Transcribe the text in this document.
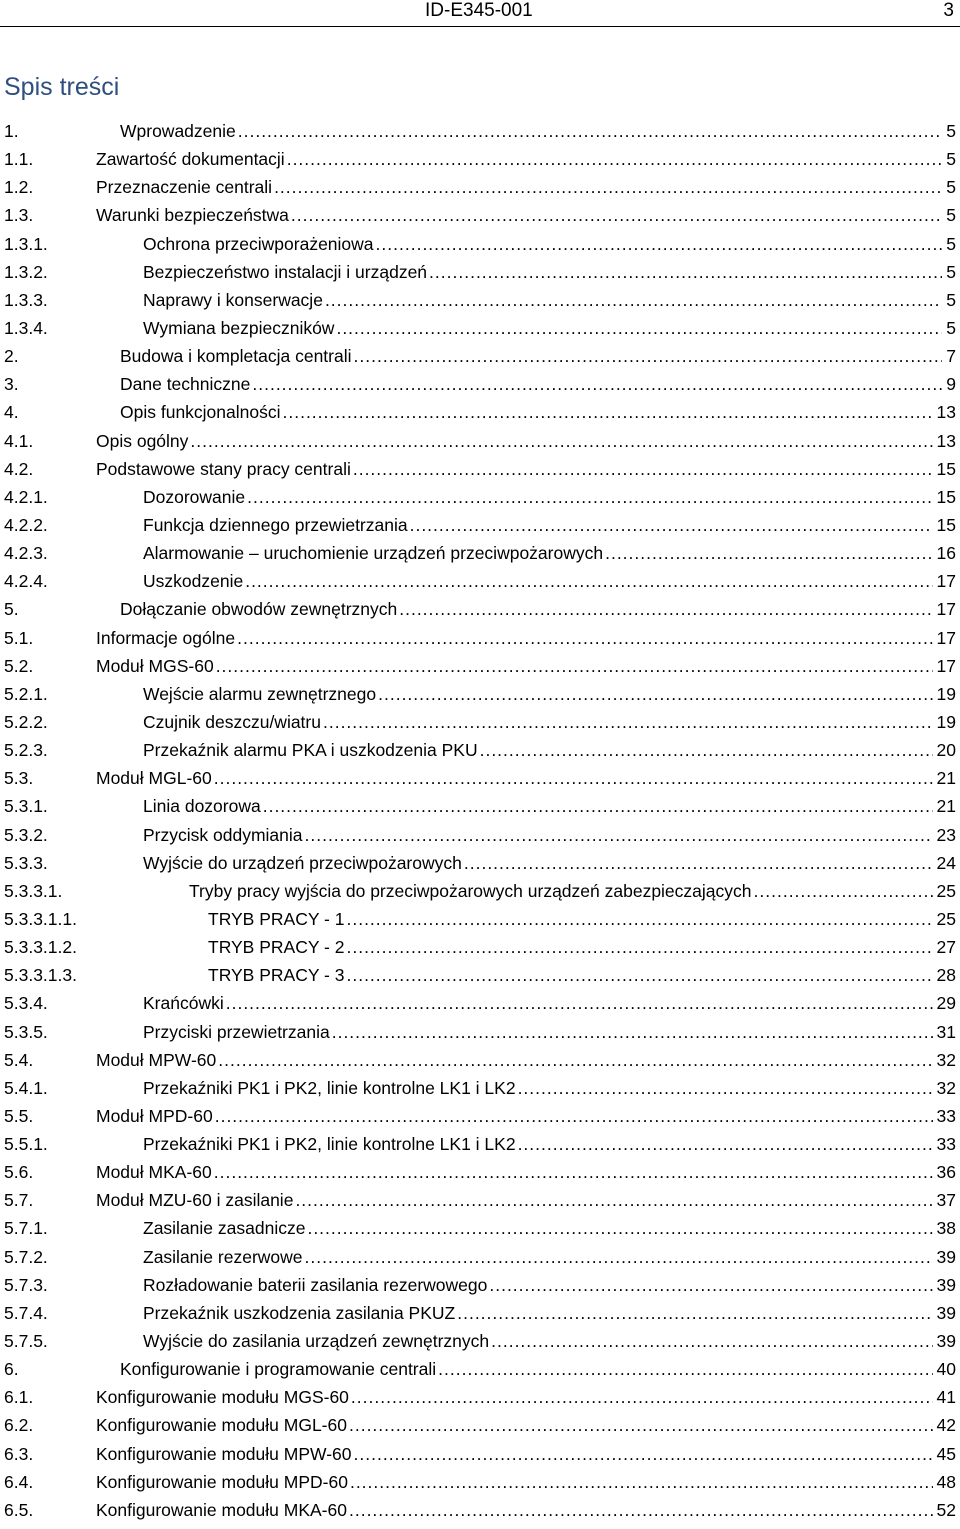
ID-E345-001	3
Spis treści
1.	Wprowadzenie .....	5
1.1.	Zawartość dokumentacji .....	5
1.2.	Przeznaczenie centrali .....	5
1.3.	Warunki bezpieczeństwa .....	5
1.3.1.	Ochrona przeciwporażeniowa .....	5
1.3.2.	Bezpieczeństwo instalacji i urządzeń .....	5
1.3.3.	Naprawy i konserwacje .....	5
1.3.4.	Wymiana bezpieczników .....	5
2.	Budowa i kompletacja centrali .....	7
3.	Dane techniczne .....	9
4.	Opis funkcjonalności .....	13
4.1.	Opis ogólny .....	13
4.2.	Podstawowe stany pracy centrali .....	15
4.2.1.	Dozorowanie .....	15
4.2.2.	Funkcja dziennego przewietrzania .....	15
4.2.3.	Alarmowanie – uruchomienie urządzeń przeciwpożarowych .....	16
4.2.4.	Uszkodzenie .....	17
5.	Dołączanie obwodów zewnętrznych .....	17
5.1.	Informacje ogólne .....	17
5.2.	Moduł MGS-60 .....	17
5.2.1.	Wejście alarmu zewnętrznego .....	19
5.2.2.	Czujnik deszczu/wiatru .....	19
5.2.3.	Przekaźnik alarmu PKA i uszkodzenia PKU .....	20
5.3.	Moduł MGL-60 .....	21
5.3.1.	Linia dozorowa .....	21
5.3.2.	Przycisk oddymiania .....	23
5.3.3.	Wyjście do urządzeń przeciwpożarowych .....	24
5.3.3.1.	Tryby pracy wyjścia do przeciwpożarowych urządzeń zabezpieczających .....	25
5.3.3.1.1.	TRYB PRACY - 1 .....	25
5.3.3.1.2.	TRYB PRACY - 2 .....	27
5.3.3.1.3.	TRYB PRACY - 3 .....	28
5.3.4.	Krańcówki .....	29
5.3.5.	Przyciski przewietrzania .....	31
5.4.	Moduł MPW-60 .....	32
5.4.1.	Przekaźniki PK1 i PK2, linie kontrolne LK1 i LK2 .....	32
5.5.	Moduł MPD-60 .....	33
5.5.1.	Przekaźniki PK1 i PK2, linie kontrolne LK1 i LK2 .....	33
5.6.	Moduł MKA-60 .....	36
5.7.	Moduł MZU-60 i zasilanie .....	37
5.7.1.	Zasilanie zasadnicze .....	38
5.7.2.	Zasilanie rezerwowe .....	39
5.7.3.	Rozładowanie baterii zasilania rezerwowego .....	39
5.7.4.	Przekaźnik uszkodzenia zasilania PKUZ .....	39
5.7.5.	Wyjście do zasilania urządzeń zewnętrznych .....	39
6.	Konfigurowanie i programowanie centrali .....	40
6.1.	Konfigurowanie modułu MGS-60 .....	41
6.2.	Konfigurowanie modułu MGL-60 .....	42
6.3.	Konfigurowanie modułu MPW-60 .....	45
6.4.	Konfigurowanie modułu MPD-60 .....	48
6.5.	Konfigurowanie modułu MKA-60 .....	52
